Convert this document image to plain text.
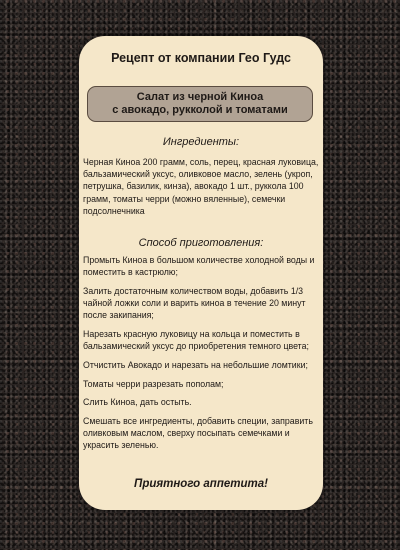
Рецепт от компании Гео Гудс
Салат из черной Киноа
с авокадо, рукколой и томатами
Ингредиенты:
Черная Киноа 200 грамм, соль, перец, красная луковица, бальзамический уксус, оливковое масло, зелень (укроп, петрушка, базилик, кинза), авокадо 1 шт., руккола 100 грамм, томаты черри (можно вяленные), семечки подсолнечника
Способ приготовления:

Промыть Киноа в большом количестве холодной воды и поместить в кастрюлю;

Залить достаточным количеством воды, добавить 1/3 чайной ложки соли и варить киноа в течение 20 минут после закипания;

Нарезать красную луковицу на кольца и поместить в бальзамический уксус до приобретения темного цвета;

Отчистить Авокадо и нарезать на небольшие ломтики;

Томаты черри разрезать пополам;

Слить Киноа, дать остыть.

Смешать все ингредиенты, добавить специи, заправить оливковым маслом, сверху посыпать семечками и украсить зеленью.

Приятного аппетита!
